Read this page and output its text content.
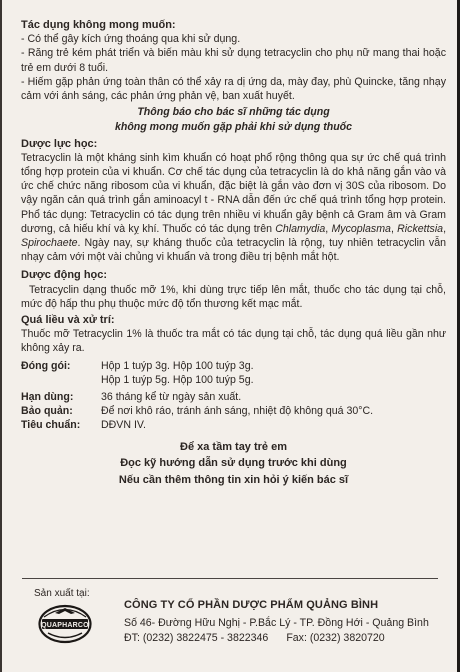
Tác dụng không mong muốn:
- Có thể gây kích ứng thoáng qua khi sử dụng.
- Răng trẻ kém phát triển và biến màu khi sử dụng tetracyclin cho phụ nữ mang thai hoặc trẻ em dưới 8 tuổi.
- Hiếm gặp phản ứng toàn thân có thể xảy ra dị ứng da, mày đay, phù Quincke, tăng nhạy cảm với ánh sáng, các phản ứng phản vệ, ban xuất huyết.
Thông báo cho bác sĩ những tác dụng
không mong muốn gặp phải khi sử dụng thuốc
Dược lực học:
Tetracyclin là một kháng sinh kìm khuẩn có hoạt phổ rộng thông qua sự ức chế quá trình tổng hợp protein của vi khuẩn. Cơ chế tác dụng của tetracyclin là do khả năng gắn vào và ức chế chức năng ribosom của vi khuẩn, đặc biệt là gắn vào đơn vị 30S của ribosom. Do vậy ngăn cản quá trình gắn aminoacyl t - RNA dẫn đến ức chế quá trình tổng hợp protein. Phổ tác dụng: Tetracyclin có tác dụng trên nhiều vi khuẩn gây bệnh cả Gram âm và Gram dương, cả hiếu khí và kỵ khí. Thuốc có tác dụng trên Chlamydia, Mycoplasma, Rickettsia, Spirochaete. Ngày nay, sự kháng thuốc của tetracyclin là rộng, tuy nhiên tetracyclin vẫn nhạy cảm với một vài chủng vi khuẩn và trong điều trị bệnh mắt hột.
Dược động học:
Tetracyclin dạng thuốc mỡ 1%, khi dùng trực tiếp lên mắt, thuốc cho tác dụng tại chỗ, mức độ hấp thu phụ thuộc mức độ tổn thương kết mạc mắt.
Quá liều và xử trí:
Thuốc mỡ Tetracyclin 1% là thuốc tra mắt có tác dụng tại chỗ, tác dụng quá liều gần như không xảy ra.
Đóng gói:	Hộp 1 tuýp 3g. Hộp 100 tuýp 3g.
Hộp 1 tuýp 5g. Hộp 100 tuýp 5g.
Hạn dùng:	36 tháng kể từ ngày sản xuất.
Bảo quản:	Để nơi khô ráo, tránh ánh sáng, nhiệt độ không quá 30°C.
Tiêu chuẩn:	DĐVN IV.
Để xa tầm tay trẻ em
Đọc kỹ hướng dẫn sử dụng trước khi dùng
Nếu cần thêm thông tin xin hỏi ý kiến bác sĩ
Sản xuất tại:
QUAPHARCO
CÔNG TY CỔ PHẦN DƯỢC PHẨM QUẢNG BÌNH
Số 46- Đường Hữu Nghị - P.Bắc Lý - TP. Đồng Hới - Quảng Bình
ĐT: (0232) 3822475 - 3822346 Fax: (0232) 3820720
